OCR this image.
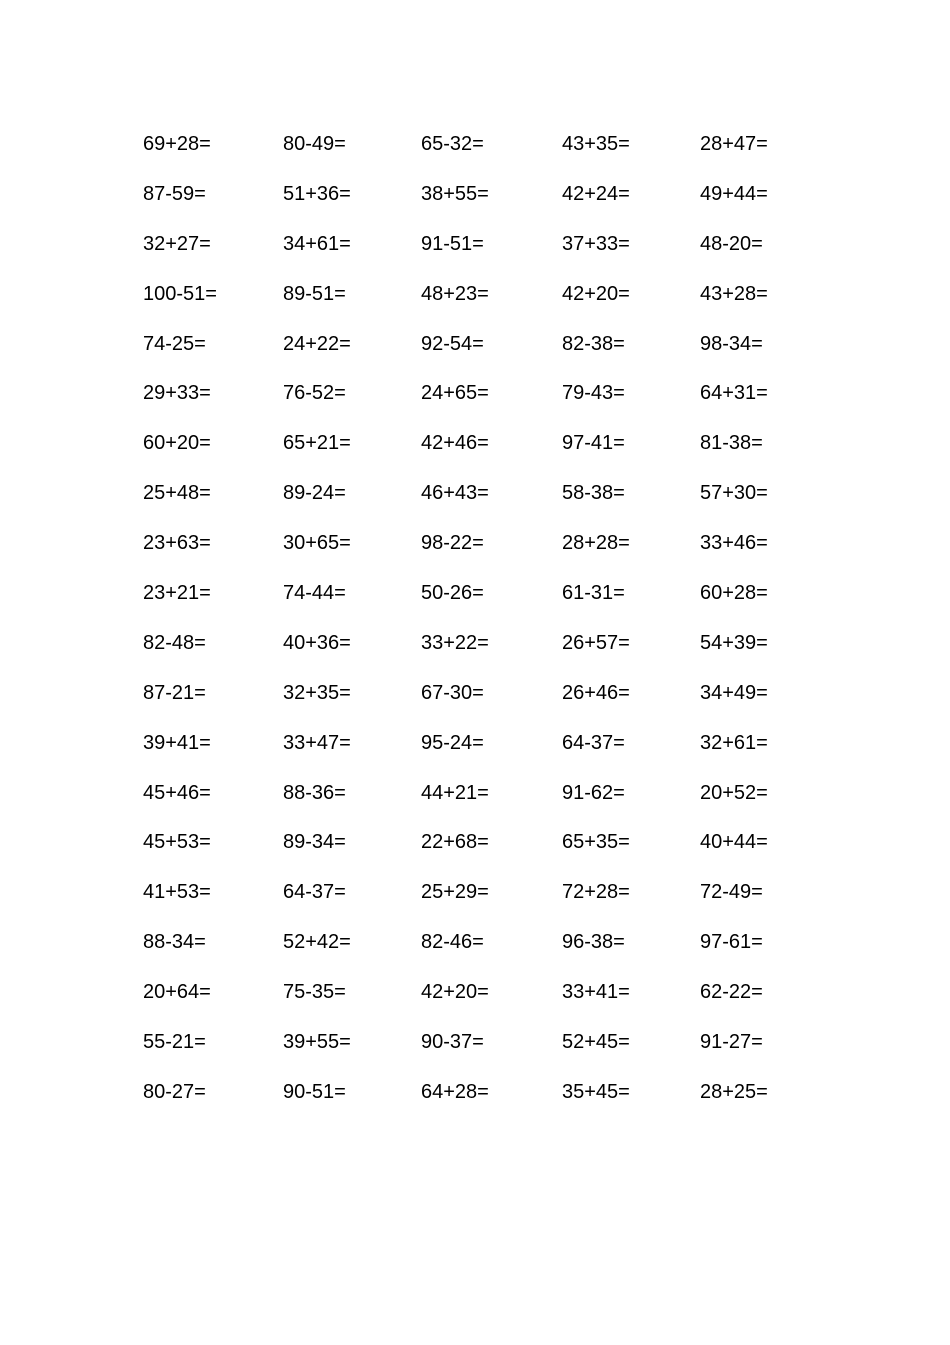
69+28=	80-49=	65-32=	43+35=	28+47=
87-59=	51+36=	38+55=	42+24=	49+44=
32+27=	34+61=	91-51=	37+33=	48-20=
100-51=	89-51=	48+23=	42+20=	43+28=
74-25=	24+22=	92-54=	82-38=	98-34=
29+33=	76-52=	24+65=	79-43=	64+31=
60+20=	65+21=	42+46=	97-41=	81-38=
25+48=	89-24=	46+43=	58-38=	57+30=
23+63=	30+65=	98-22=	28+28=	33+46=
23+21=	74-44=	50-26=	61-31=	60+28=
82-48=	40+36=	33+22=	26+57=	54+39=
87-21=	32+35=	67-30=	26+46=	34+49=
39+41=	33+47=	95-24=	64-37=	32+61=
45+46=	88-36=	44+21=	91-62=	20+52=
45+53=	89-34=	22+68=	65+35=	40+44=
41+53=	64-37=	25+29=	72+28=	72-49=
88-34=	52+42=	82-46=	96-38=	97-61=
20+64=	75-35=	42+20=	33+41=	62-22=
55-21=	39+55=	90-37=	52+45=	91-27=
80-27=	90-51=	64+28=	35+45=	28+25=
